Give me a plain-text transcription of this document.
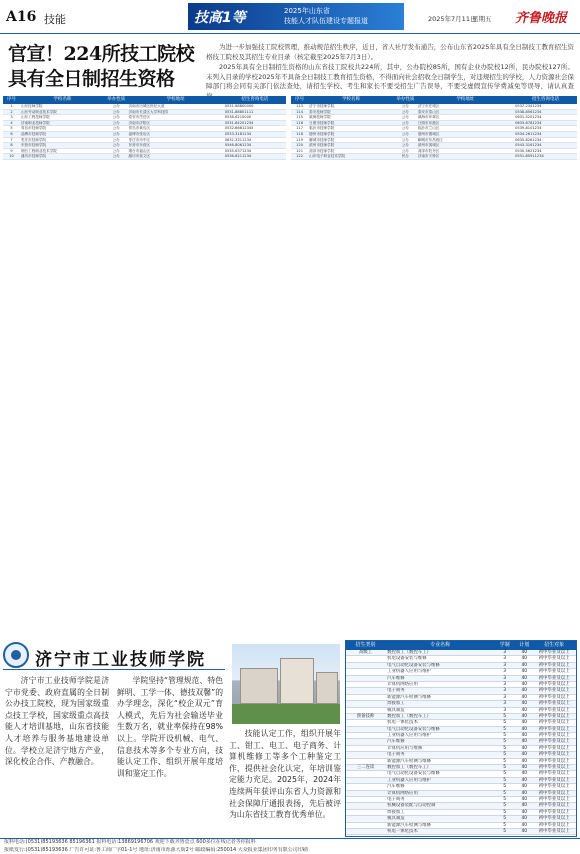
A16 技能	技高1等	2025年山东省
技能人才队伍建设专题报道	2025年7月11日
星期五 齐鲁晚报
官宣！224所技工院校具有全日制招生资格

为进一步加强技工院校管理，推动规范招生秩序，近日，省人社厅发布通告，公布山东省2025年具有全日制技工教育招生资格技工院校及其招生专业目录（核定截至2025年7月3日）。

2025年具有全日制招生资格的山东省技工院校共224所，其中，公办院校85所，国有企业办院校12所，民办院校127所。未列入目录的学校2025年不具备全日制技工教育招生资格，不得面向社会招收全日制学生，对违规招生的学校，人力资源社会保障部门将会同有关部门依法查处，请招生学校、考生和家长不要受招生广告误导，不要受虚假宣传学费减免等误导，请认真查

序号	学校名称	举办性质	学校地址	招生咨询电话
1	山东技师学院	公办	济南市历城区世纪大道	0531-88800000
2	山东劳动职业技术学院	公办	济南市长清区大学科技园	0531-88801111
3	山东工程技师学院	公办	泰安市岱岳区	0538-6210000
4	济南职业技师学院	公办	济南市济阳区	0531-84201234
5	青岛市技师学院	公办	青岛市黄岛区	0532-86812345
6	淄博市技师学院	公办	淄博市张店区	0533-3181234
7	枣庄市技师学院	公办	枣庄市市中区	0632-3311234
8	东营市技师学院	公办	东营市东营区	0546-8061234
9	烟台工程职业技术学院	公办	烟台市福山区	0535-6371234
10	潍坊市技师学院	公办	潍坊市奎文区	0536-8211234
序号	学校名称	举办性质	学校地址	招生咨询电话
113	济宁市技师学院	公办	济宁市任城区	0537-2341234
114	泰安技师学院	公办	泰安市泰山区	0538-8561234
115	威海技师学院	公办	威海市环翠区	0631-5201234
116	日照市技师学院	公办	日照市东港区	0633-8781234
117	临沂市技师学院	公办	临沂市兰山区	0539-8101234
118	德州市技师学院	公办	德州市德城区	0534-2611234
119	聊城市技师学院	公办	聊城市东昌府区	0635-8261234
120	滨州市技师学院	公办	滨州市滨城区	0543-3161234
121	菏泽市技师学院	公办	菏泽市牡丹区	0530-5621234
122	山东电子职业技术学院	民办	济南市天桥区	0531-85911234
济宁市工业技师学院

济宁市工业技师学院是济宁市党委、政府直属的全日制公办技工院校，现为国家级重点技工学校，国家级重点高技能人才培训基地，山东省技能人才培养与服务基地建设单位。学校立足济宁地方产业，深化校企合作、产教融合。

学院坚持“管理规范、特色鲜明、工学一体、德技双馨”的办学理念，深化“校企双元”育人模式，先后为社会输送毕业生数万名，就业率保持在98%以上。学院开设机械、电气、信息技术等多个专业方向，技能认定工作、组织开展年度培训和鉴定工作。

技能认定工作，组织开展年工、钳工、电工、电子商务、计算机维修工等多个工种鉴定工作，提供社会化认定，年培训鉴定能力充足。2025年，2024年连续两年获评山东省人力资源和社会保障厅通报表扬，先后被评为山东省技工教育优秀单位。

招生类别	专业名称	学制	计划	招生对象
高级工	数控加工（数控车工）	3	40	初中毕业及以上
机电设备安装与维修	3	40	初中毕业及以上
电气自动化设备安装与维修	3	40	初中毕业及以上
工业机器人应用与维护	3	40	初中毕业及以上
汽车维修	3	40	初中毕业及以上
计算机网络应用	3	40	初中毕业及以上
电子商务	3	40	初中毕业及以上
新能源汽车检测与维修	3	40	初中毕业及以上
焊接加工	3	40	初中毕业及以上
模具制造	3	40	初中毕业及以上
预备技师	数控加工（数控车工）	5	40	初中毕业及以上
机电一体化技术	5	40	初中毕业及以上
电气自动化设备安装与维修	5	40	初中毕业及以上
工业机器人应用与维护	5	40	初中毕业及以上
汽车维修	5	40	初中毕业及以上
计算机应用与维修	5	40	初中毕业及以上
电子商务	5	40	初中毕业及以上
新能源汽车检测与维修	5	40	初中毕业及以上
三二连读	数控加工（数控车工）	5	40	初中毕业及以上
电气自动化设备安装与维修	5	40	初中毕业及以上
工业机器人应用与维护	5	40	初中毕业及以上
汽车维修	5	40	初中毕业及以上
计算机网络应用	5	40	初中毕业及以上
电子商务	5	40	初中毕业及以上
机械设备装配与自动控制	5	40	初中毕业及以上
焊接加工	5	40	初中毕业及以上
模具制造	5	40	初中毕业及以上
新能源汽车检测与维修	5	40	初中毕业及以上
机电一体化技术	5	40	初中毕业及以上
报料电话:(0531)85193636 85196361 报料电话:13869196706 欢迎下载齐鲁壹点 600多位在线记者等你报料
报纸发行:(0531)85193636 广告许可证:鲁工商广字01-1号 地址:济南市泺源大街2号 邮政编码:250014 大众报业集团印务有限公司印刷
